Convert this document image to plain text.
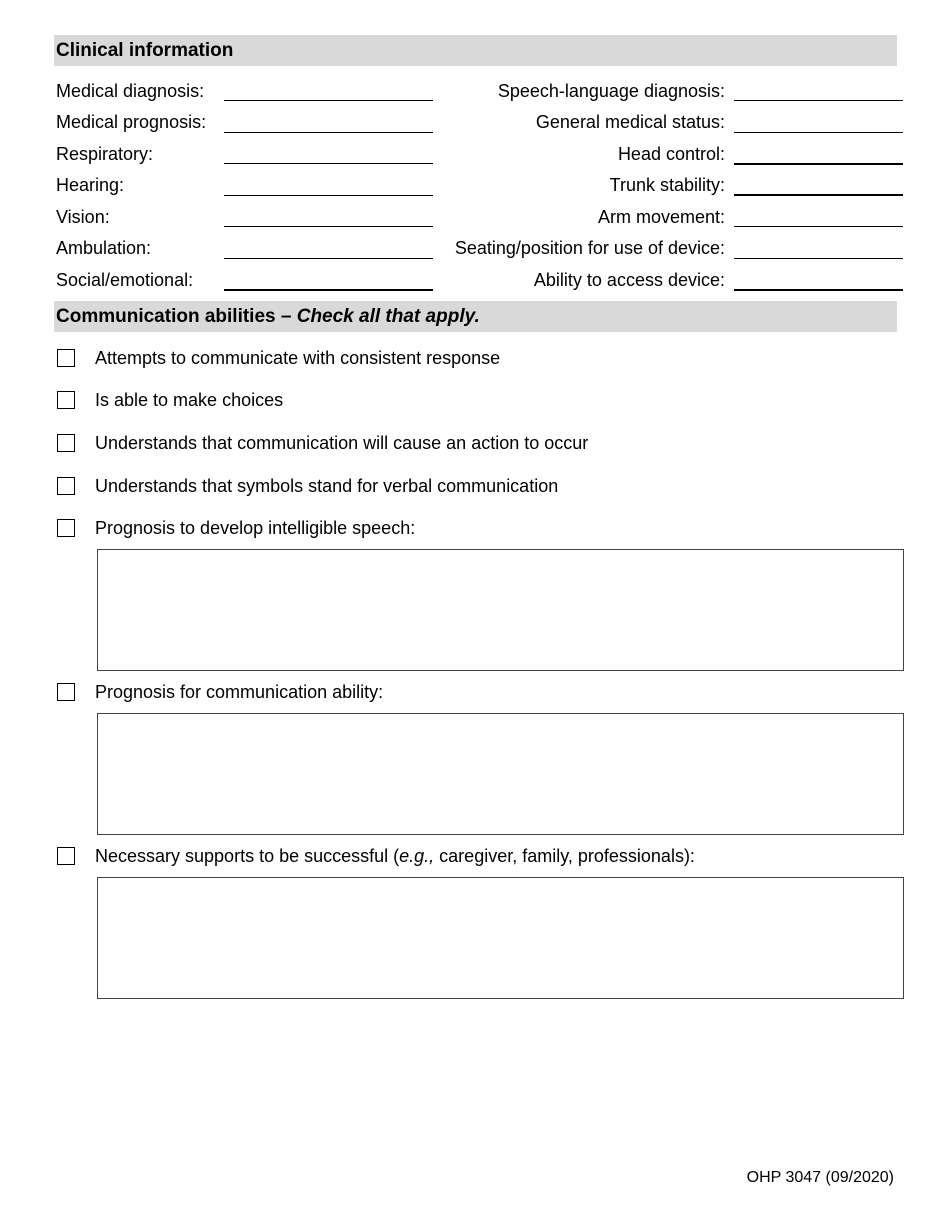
Clinical information
Medical diagnosis:
Medical prognosis:
Respiratory:
Hearing:
Vision:
Ambulation:
Social/emotional:
Speech-language diagnosis:
General medical status:
Head control:
Trunk stability:
Arm movement:
Seating/position for use of device:
Ability to access device:
Communication abilities – Check all that apply.
Attempts to communicate with consistent response
Is able to make choices
Understands that communication will cause an action to occur
Understands that symbols stand for verbal communication
Prognosis to develop intelligible speech:
Prognosis for communication ability:
Necessary supports to be successful (e.g., caregiver, family, professionals):
OHP 3047 (09/2020)
